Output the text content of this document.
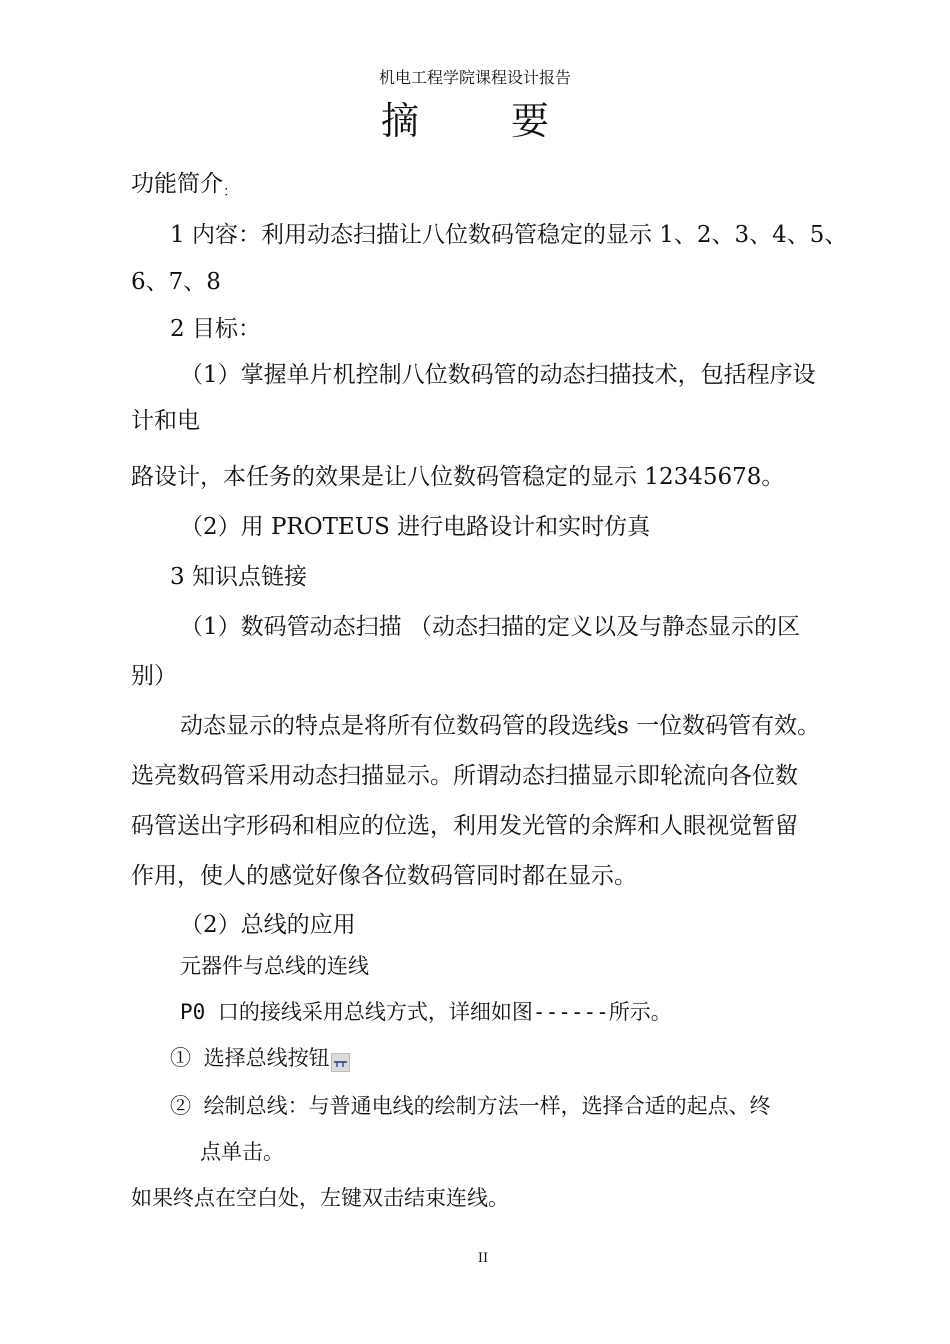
机电工程学院课程设计报告
摘 要
功能简介$_:$
1 内容：利用动态扫描让八位数码管稳定的显示 1、2、3、4、5、
6、7、8
2 目标：
（1）掌握单片机控制八位数码管的动态扫描技术，包括程序设
计和电
路设计，本任务的效果是让八位数码管稳定的显示 12345678。
（2）用 PROTEUS 进行电路设计和实时仿真
3 知识点链接
（1）数码管动态扫描 （动态扫描的定义以及与静态显示的区
别）
动态显示的特点是将所有位数码管的段选线s 一位数码管有效。
选亮数码管采用动态扫描显示。所谓动态扫描显示即轮流向各位数
码管送出字形码和相应的位选，利用发光管的余辉和人眼视觉暂留
作用，使人的感觉好像各位数码管同时都在显示。
（2）总线的应用
元器件与总线的连线
P0 口的接线采用总线方式，详细如图------所示。
① 选择总线按钮
② 绘制总线：与普通电线的绘制方法一样，选择合适的起点、终
点单击。
如果终点在空白处，左键双击结束连线。
II
